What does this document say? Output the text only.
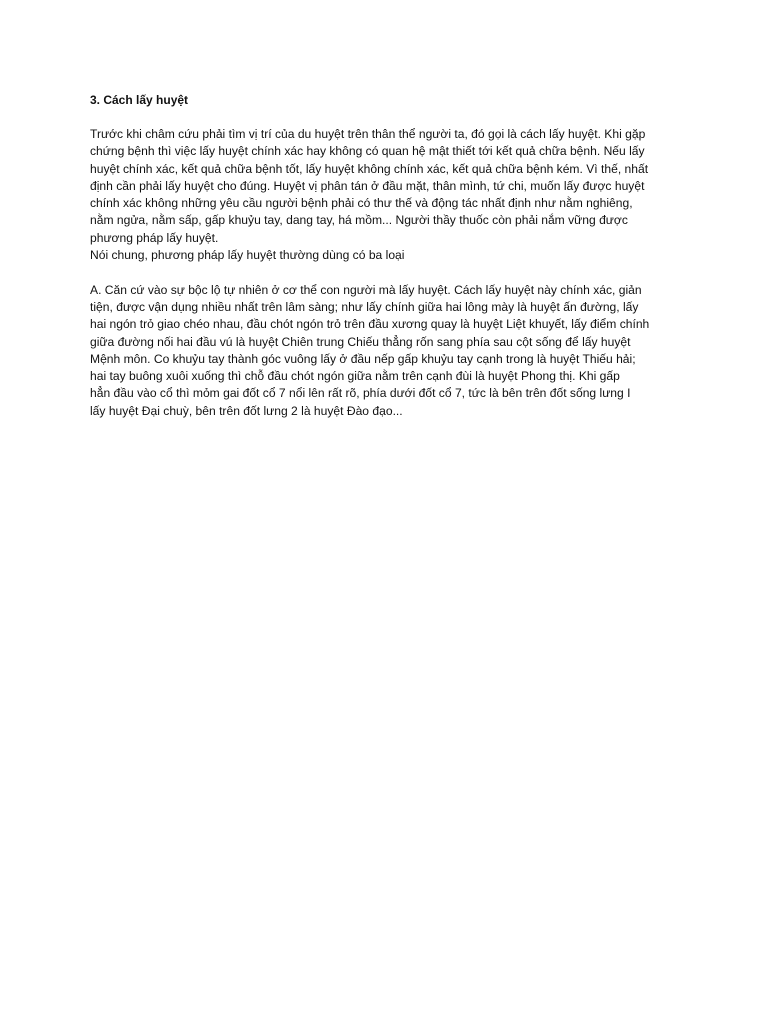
3. Cách lấy huyệt

Trước khi châm cứu phải tìm vị trí của du huyệt trên thân thể người ta, đó gọi là cách lấy huyệt. Khi gặp
chứng bệnh thì việc lấy huyệt chính xác hay không có quan hệ mật thiết tới kết quả chữa bệnh. Nếu lấy
huyệt chính xác, kết quả chữa bệnh tốt, lấy huyệt không chính xác, kết quả chữa bệnh kém. Vì thế, nhất
định cần phải lấy huyệt cho đúng. Huyệt vị phân tán ở đầu mặt, thân mình, tứ chi, muốn lấy được huyệt
chính xác không những yêu cầu người bệnh phải có thư thế và động tác nhất định như nằm nghiêng,
nằm ngửa, nằm sấp, gấp khuỷu tay, dang tay, há mồm... Người thầy thuốc còn phải nắm vững được
phương pháp lấy huyệt.

Nói chung, phương pháp lấy huyệt thường dùng có ba loại

A. Căn cứ vào sự bộc lộ tự nhiên ở cơ thể con người mà lấy huyệt. Cách lấy huyệt này chính xác, giản
tiện, được vận dụng nhiều nhất trên lâm sàng; như lấy chính giữa hai lông mày là huyệt ấn đường, lấy
hai ngón trỏ giao chéo nhau, đầu chót ngón trỏ trên đầu xương quay là huyệt Liệt khuyết, lấy điểm chính
giữa đường nối hai đầu vú là huyệt Chiên trung Chiếu thẳng rốn sang phía sau cột sống để lấy huyệt
Mệnh môn. Co khuỷu tay thành góc vuông lấy ở đầu nếp gấp khuỷu tay cạnh trong là huyệt Thiếu hải;
hai tay buông xuôi xuống thì chỗ đầu chót ngón giữa nằm trên cạnh đùi là huyệt Phong thị. Khi gấp
hẳn đầu vào cổ thì mỏm gai đốt cổ 7 nổi lên rất rõ, phía dưới đốt cổ 7, tức là bên trên đốt sống lưng I
lấy huyệt Đại chuỳ, bên trên đốt lưng 2 là huyệt Đào đạo...
